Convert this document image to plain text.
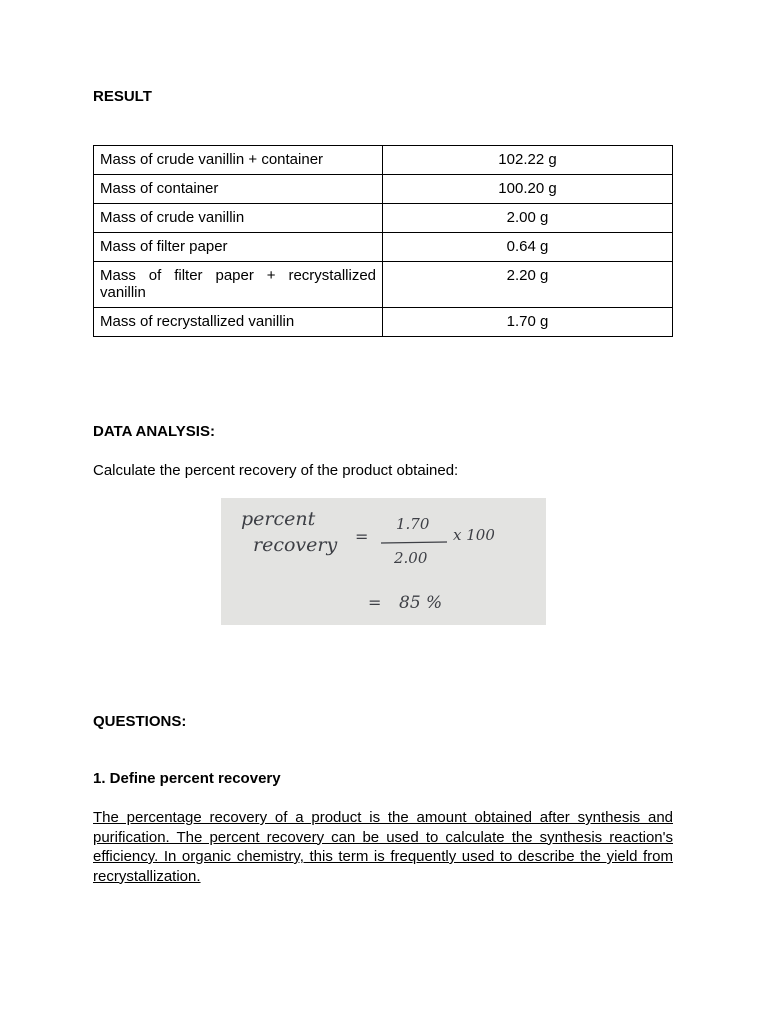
RESULT
Mass of crude vanillin + container	102.22 g
Mass of container	100.20 g
Mass of crude vanillin	2.00 g
Mass of filter paper	0.64 g
Mass of filter paper + recrystallized vanillin	2.20 g
Mass of recrystallized vanillin	1.70 g
DATA ANALYSIS:
Calculate the percent recovery of the product obtained:
percent
recovery =
1.70
x 100
2.00
= 85 %
QUESTIONS:
1. Define percent recovery
The percentage recovery of a product is the amount obtained after synthesis and purification. The percent recovery can be used to calculate the synthesis reaction's efficiency. In organic chemistry, this term is frequently used to describe the yield from recrystallization.
